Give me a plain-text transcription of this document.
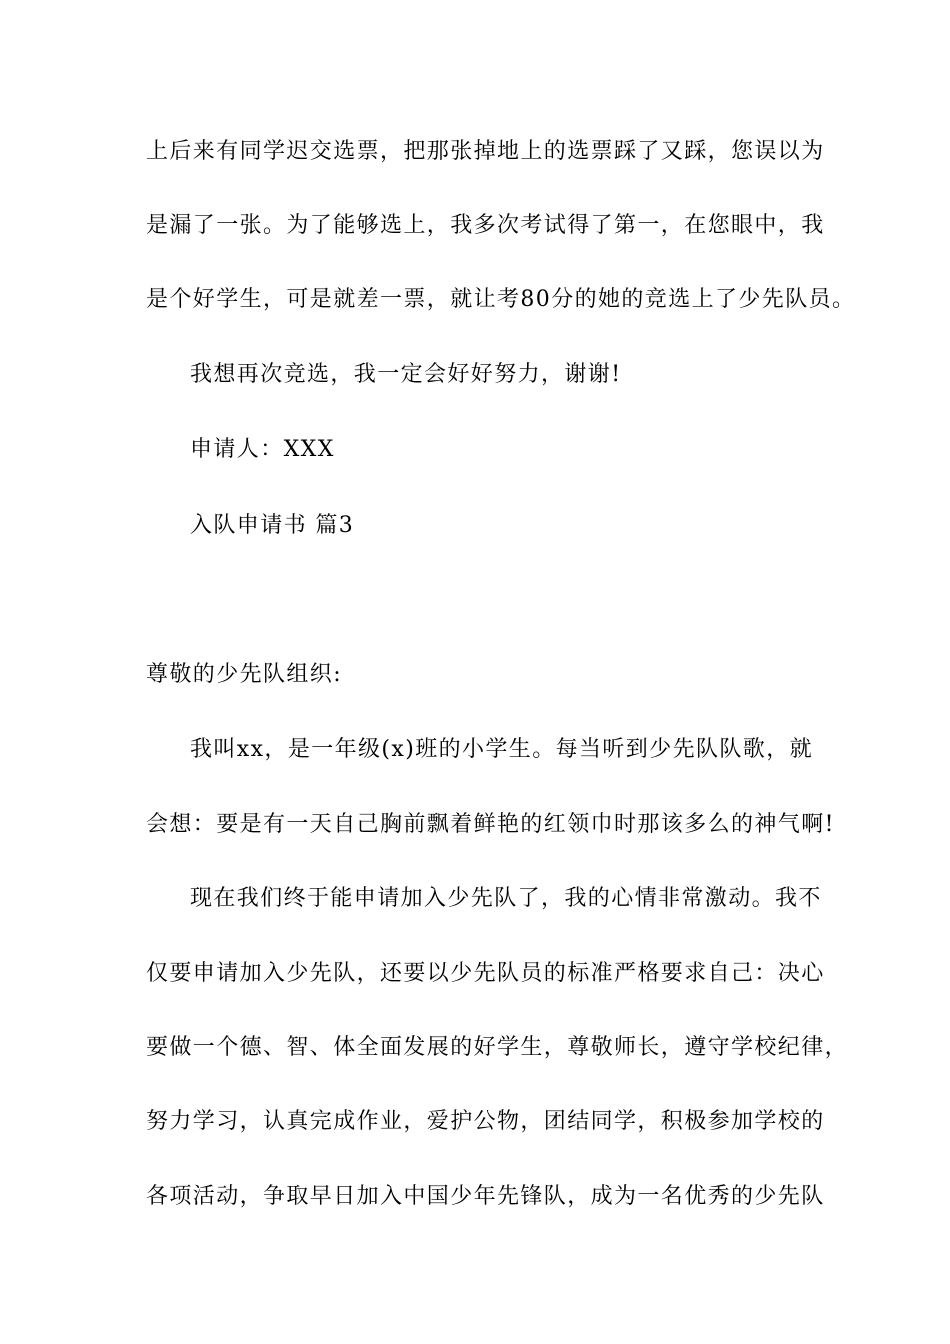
上后来有同学迟交选票，把那张掉地上的选票踩了又踩，您误以为
是漏了一张。为了能够选上，我多次考试得了第一，在您眼中，我
是个好学生，可是就差一票，就让考80分的她的竞选上了少先队员。
我想再次竞选，我一定会好好努力，谢谢!
申请人：XXX
入队申请书 篇3
尊敬的少先队组织:
我叫xx，是一年级(x)班的小学生。每当听到少先队队歌，就
会想：要是有一天自己胸前飘着鲜艳的红领巾时那该多么的神气啊!
现在我们终于能申请加入少先队了，我的心情非常激动。我不
仅要申请加入少先队，还要以少先队员的标准严格要求自己：决心
要做一个德、智、体全面发展的好学生，尊敬师长，遵守学校纪律，
努力学习，认真完成作业，爱护公物，团结同学，积极参加学校的
各项活动，争取早日加入中国少年先锋队，成为一名优秀的少先队
